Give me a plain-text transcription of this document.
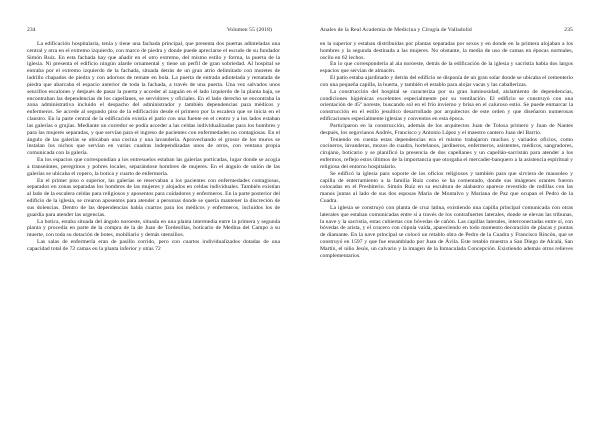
234	Volumen 55 (2018)

La edificación hospitalaria, tenía y tiene una fachada principal, que presenta dos puertas adinteladas una central y otra en el extremo izquierdo, con marco de piedra y donde puede apreciarse el escudo de su fundador Simón Ruiz. En esta fachada hay que añadir en el otro extremo, del mismo estilo y forma, la puerta de la iglesia. Ni presenta el edificio ningún alarde ornamental y tiene un perfil de gran sobriedad. Al hospital se entraba por el extremo izquierdo de la fachada, situada detrás de un gran atrio delimitado con muretes de ladrillo chapados de piedra y con adornos de remate en bola. La puerta de entrada adintelada y rematada de piedra que abarcaba el espacio anterior de toda la fachada, a través de una puerta. Una vez salvados unos sencillos escalones y después de pasar la puerta y acceder al zaguán en el lado izquierdo de la planta baja, se encontraban las dependencias de los capellanes, se servidores y oficiales. En el lado derecho se encontraba la zona administrativa incluido el despacho del administrador y también dependencias para médicos y enfermeros. Se accede al segundo piso de la edificación desde el primero por la escalera que se inicia en el claustro. En la parte central de la edificación existía el patio con una fuente en el centro y a los lados estaban las galerías o grujías. Mediante un corredor se podía acceder a las celdas individualizadas para los hombres y para las mujeres separadas, y que servían para el ingreso de pacientes con enfermedades no contagiosas. En el ángulo de las galerías se ubicaban una cocina y una lavandería. Aprovechando el grosor de los muros se instalan los nichos que servían en varias cuadras independizadas unos de otros, con ventana propia comunicada con la galería.

En los espacios que correspondían a los entresuelos estaban las galerías porticadas, lugar donde se acogía a transeúntes, peregrinos y pobres locales, separándose hombres de mujeres. En el ángulo de unión de las galerías se ubicaba el ropero, la botica y cuarto de enfermería.

En el primer piso o superior, las galerías se reservaban a los pacientes con enfermedades contagiosas, separados en zonas separadas los hombres de las mujeres y alojados en celdas individuales. También existían al lado de la escalera celdas para religiosos y aposentos para cuidadores y enfermeros. En la parte posterior del edificio de la iglesia, se crearon aposentos para atender a personas donde se quería mantener la discreción de sus dolencias. Dentro de las dependencias había cuartos para los médicos y enfermeros, incluidos los de guardia para atender las urgencias.

La botica, estaba situada del ángulo noroeste, situada en una planta intermedia entre la primera y segunda planta y procedía en parte de la compra de la de Juan de Tordesillas, boticario de Medina del Campo a su muerte, con toda su dotación de botes, mobiliario y demás utensilios.

Las salas de enfermería eran de pasillo corrido, pero con cuartos individualizados dotadas de una capacidad total de 72 camas en la planta inferior y otras 72

Anales de la Real Academia de Medicina y Cirugía de Valladolid	235

en la superior y estaban distribuidas por plantas separadas por sexos y en donde en la primera alojaban a los hombres y la segunda destinada a las mujeres. No obstante, la media de uso de camas en épocas normales, oscilo en 62 lechos.

En lo que correspondería al ala noroeste, detrás de la edificación de la iglesia y sacristía había dos largos espacios que servían de almacén.

El patio estaba ajardinado y detrás del edificio se disponía de un gran solar donde se ubicaba el cementerio con una pequeña capilla, la huerta, y también el establo para alojar vacas y las caballerizas.

La construcción del hospital se caracteriza por su gran luminosidad, aislamiento de dependencias, condiciones higiénicas excelentes especialmente por su ventilación. El edificio se construyó con una orientación de 45º noreste, buscando sol en el frío invierno y brisa en el caluroso estío. Se puede enmarcar la construcción en el estilo jesuítico desarrollado por arquitectos de este orden y que diseñaron numerosas edificaciones especialmente iglesias y conventos en esta época.

Participaron en la construcción, además de los arquitectos Juan de Tolosa primero y Juan de Nantes después, los segovianos Andrés, Francisco y Antonio López y el maestro cantero Juan del Barrio.

Teniendo en cuenta estas dependencias era el mismo trabajaron muchos y variados oficios, como cocineros, lavanderas, mozos de cuadra, hortelanos, jardineros, enfermeros, asistentes, médicos, sangradores, cirujano, boticario y se planificó la presencia de dos capellanes y un capellán-sacristán para atender a los enfermos, reflejo estos últimos de la importancia que otorgaba el mercader-banquero a la asistencia espiritual y religiosa del entorno hospitalario.

Se edificó la iglesia para soporte de los oficios religiosos y también para que sirviera de mausoleo y capilla de enterramiento a la familia Ruiz como se ha comentado, donde sus imágenes orantes fueron colocadas en el Presbiterio. Simón Ruiz en su escultura de alabastro aparece revestido de rodillas con las manos juntas al lado de sus dos esposas María de Montalvo y Mariana de Paz que ocupan el Pedro de la Cuadra.

La iglesia se construyó con planta de cruz latina, existiendo una capilla principal comunicada con otras laterales que estaban comunicadas entre sí a través de los contrafuertes laterales, donde se elevan las tribunas, la nave y la sacristía, estas cubiertas con bóvedas de cañón. Las capillas laterales, interconectadas entre sí, con bóvedas de arista, y el crucero con cúpula vaída, apareciendo en todo momento decoración de placas y puntas de diamante. En la nave principal se colocó un retablo obra de Pedro de la Cuadra y Francisco Rincón, que se construyó en 1597 y que fue ensamblado por Juan de Ávila. Este retablo muestra a San Diego de Alcalá, San Martín, el niño Jesús, un calvario y la imagen de la Inmaculada Concepción. Existiendo además otros relieves complementarios.
